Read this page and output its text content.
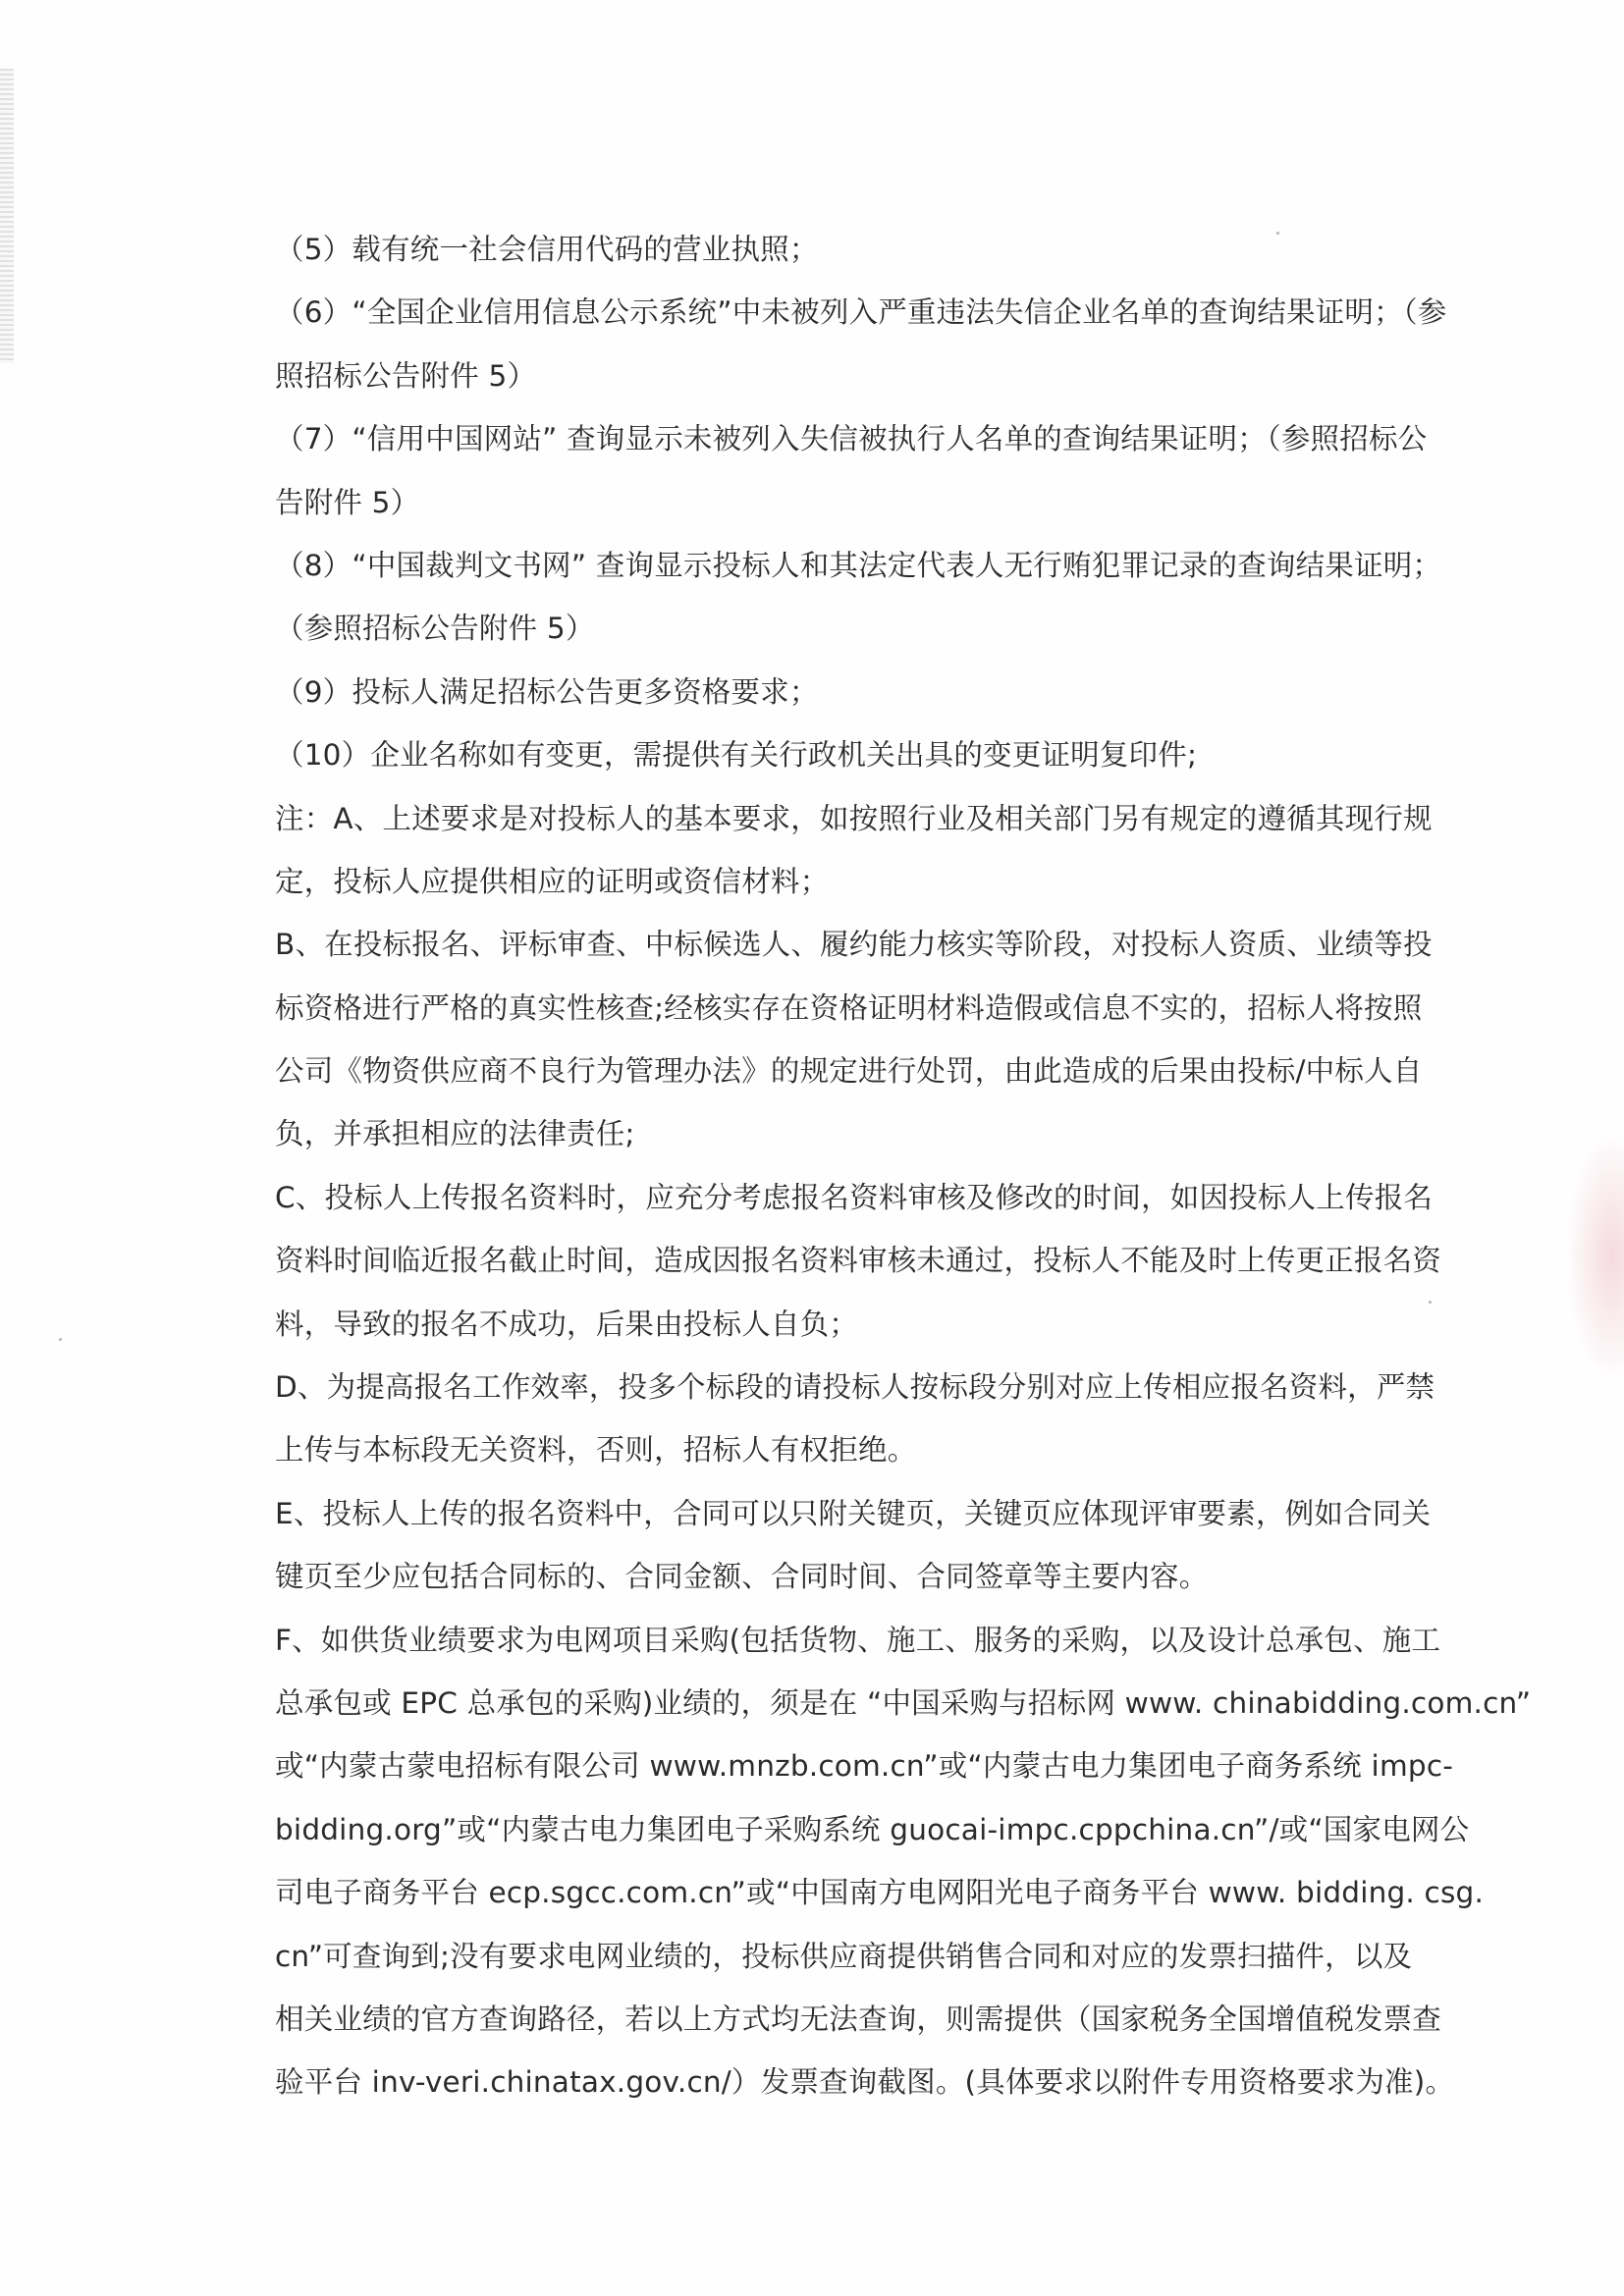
（5）载有统一社会信用代码的营业执照；
（6）“全国企业信用信息公示系统”中未被列入严重违法失信企业名单的查询结果证明；（参
照招标公告附件 5）
（7）“信用中国网站” 查询显示未被列入失信被执行人名单的查询结果证明；（参照招标公
告附件 5）
（8）“中国裁判文书网” 查询显示投标人和其法定代表人无行贿犯罪记录的查询结果证明；
（参照招标公告附件 5）
（9）投标人满足招标公告更多资格要求；
（10）企业名称如有变更，需提供有关行政机关出具的变更证明复印件;
注：A、上述要求是对投标人的基本要求，如按照行业及相关部门另有规定的遵循其现行规
定，投标人应提供相应的证明或资信材料；
B、在投标报名、评标审查、中标候选人、履约能力核实等阶段，对投标人资质、业绩等投
标资格进行严格的真实性核查;经核实存在资格证明材料造假或信息不实的，招标人将按照
公司《物资供应商不良行为管理办法》的规定进行处罚，由此造成的后果由投标/中标人自
负，并承担相应的法律责任;
C、投标人上传报名资料时，应充分考虑报名资料审核及修改的时间，如因投标人上传报名
资料时间临近报名截止时间，造成因报名资料审核未通过，投标人不能及时上传更正报名资
料，导致的报名不成功，后果由投标人自负；
D、为提高报名工作效率，投多个标段的请投标人按标段分别对应上传相应报名资料，严禁
上传与本标段无关资料，否则，招标人有权拒绝。
E、投标人上传的报名资料中，合同可以只附关键页，关键页应体现评审要素，例如合同关
键页至少应包括合同标的、合同金额、合同时间、合同签章等主要内容。
F、如供货业绩要求为电网项目采购(包括货物、施工、服务的采购，以及设计总承包、施工
总承包或 EPC 总承包的采购)业绩的，须是在 “中国采购与招标网 www. chinabidding.com.cn”
或“内蒙古蒙电招标有限公司 www.mnzb.com.cn”或“内蒙古电力集团电子商务系统 impc-
bidding.org”或“内蒙古电力集团电子采购系统 guocai-impc.cppchina.cn”/或“国家电网公
司电子商务平台 ecp.sgcc.com.cn”或“中国南方电网阳光电子商务平台 www. bidding. csg.
cn”可查询到;没有要求电网业绩的，投标供应商提供销售合同和对应的发票扫描件，以及
相关业绩的官方查询路径，若以上方式均无法查询，则需提供（国家税务全国增值税发票查
验平台 inv-veri.chinatax.gov.cn/）发票查询截图。(具体要求以附件专用资格要求为准)。
